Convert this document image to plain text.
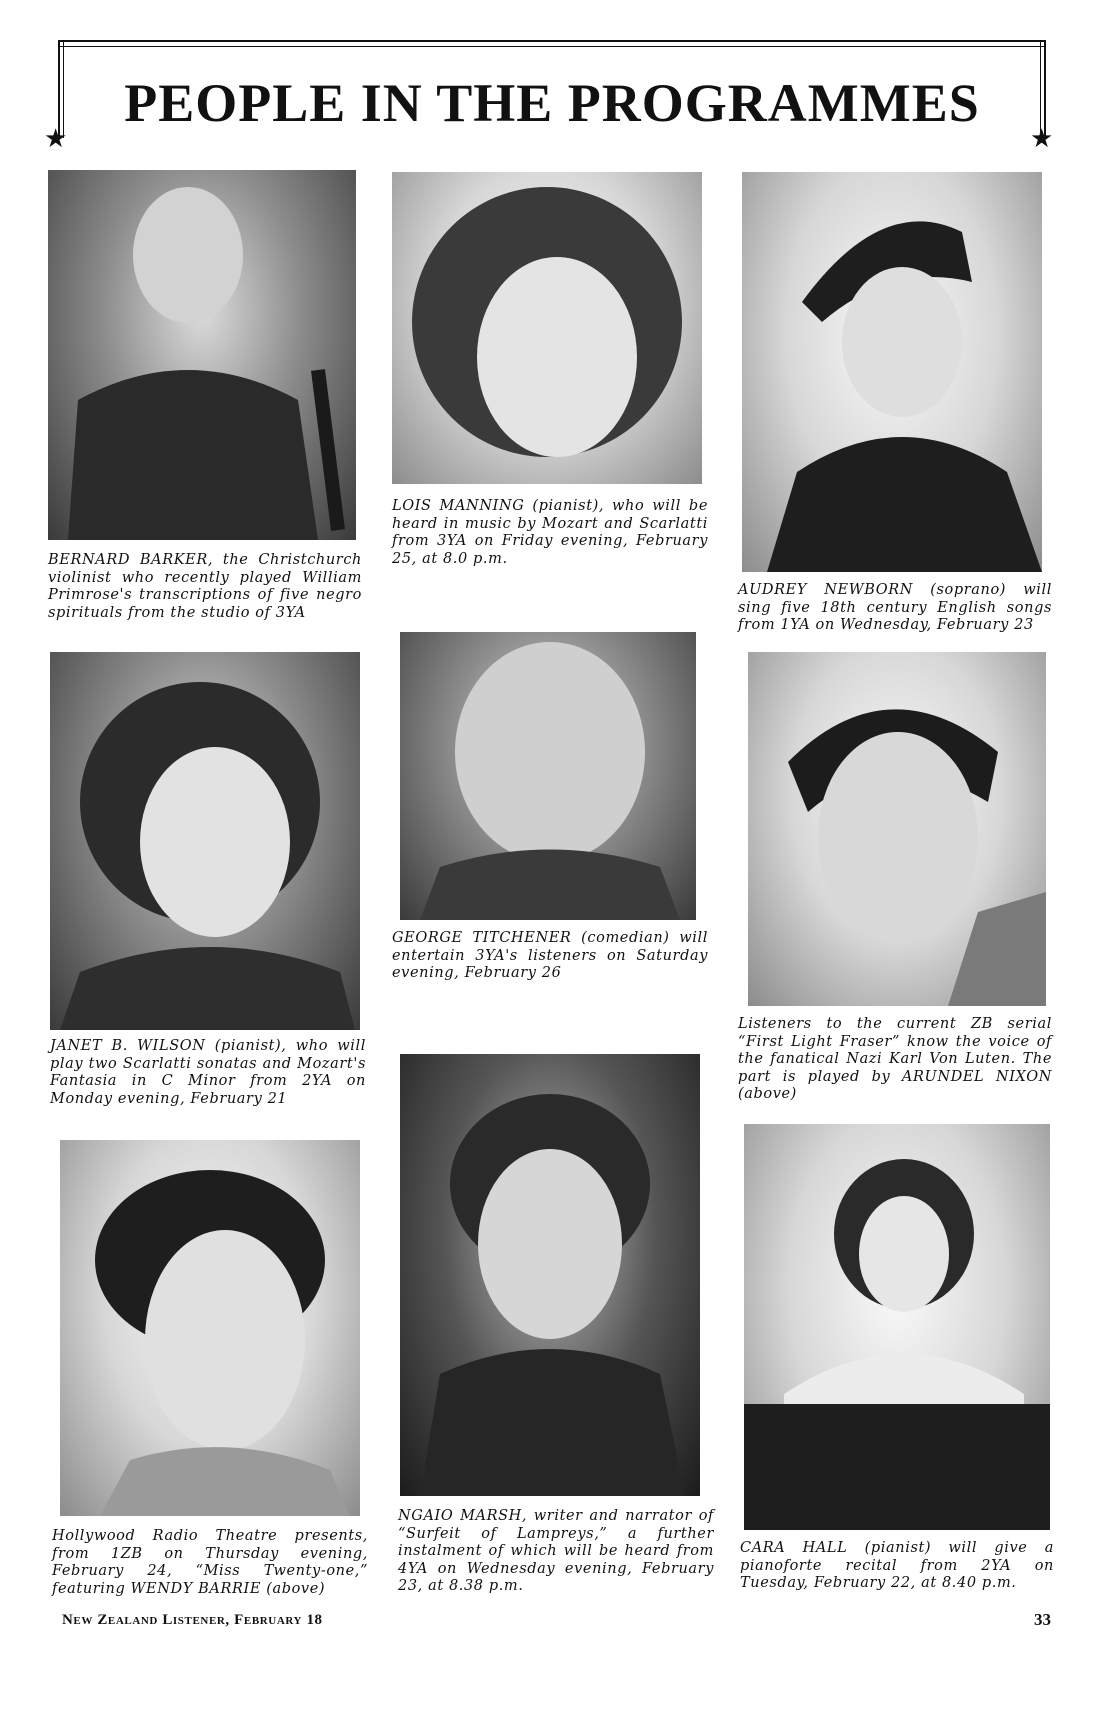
★	★
PEOPLE IN THE PROGRAMMES

BERNARD BARKER, the Christchurch violinist who recently played William Primrose's transcriptions of five negro spirituals from the studio of 3YA

LOIS MANNING (pianist), who will be heard in music by Mozart and Scarlatti from 3YA on Friday evening, February 25, at 8.0 p.m.

AUDREY NEWBORN (soprano) will sing five 18th century English songs from 1YA on Wednesday, February 23

JANET B. WILSON (pianist), who will play two Scarlatti sonatas and Mozart's Fantasia in C Minor from 2YA on Monday evening, February 21

GEORGE TITCHENER (comedian) will entertain 3YA's listeners on Saturday evening, February 26

Listeners to the current ZB serial “First Light Fraser” know the voice of the fanatical Nazi Karl Von Luten. The part is played by ARUNDEL NIXON (above)

Hollywood Radio Theatre presents, from 1ZB on Thursday evening, February 24, “Miss Twenty-one,” featuring WENDY BARRIE (above)

NGAIO MARSH, writer and narrator of “Surfeit of Lampreys,” a further instalment of which will be heard from 4YA on Wednesday evening, February 23, at 8.38 p.m.

CARA HALL (pianist) will give a pianoforte recital from 2YA on Tuesday, February 22, at 8.40 p.m.

New Zealand Listener, February 18	33
